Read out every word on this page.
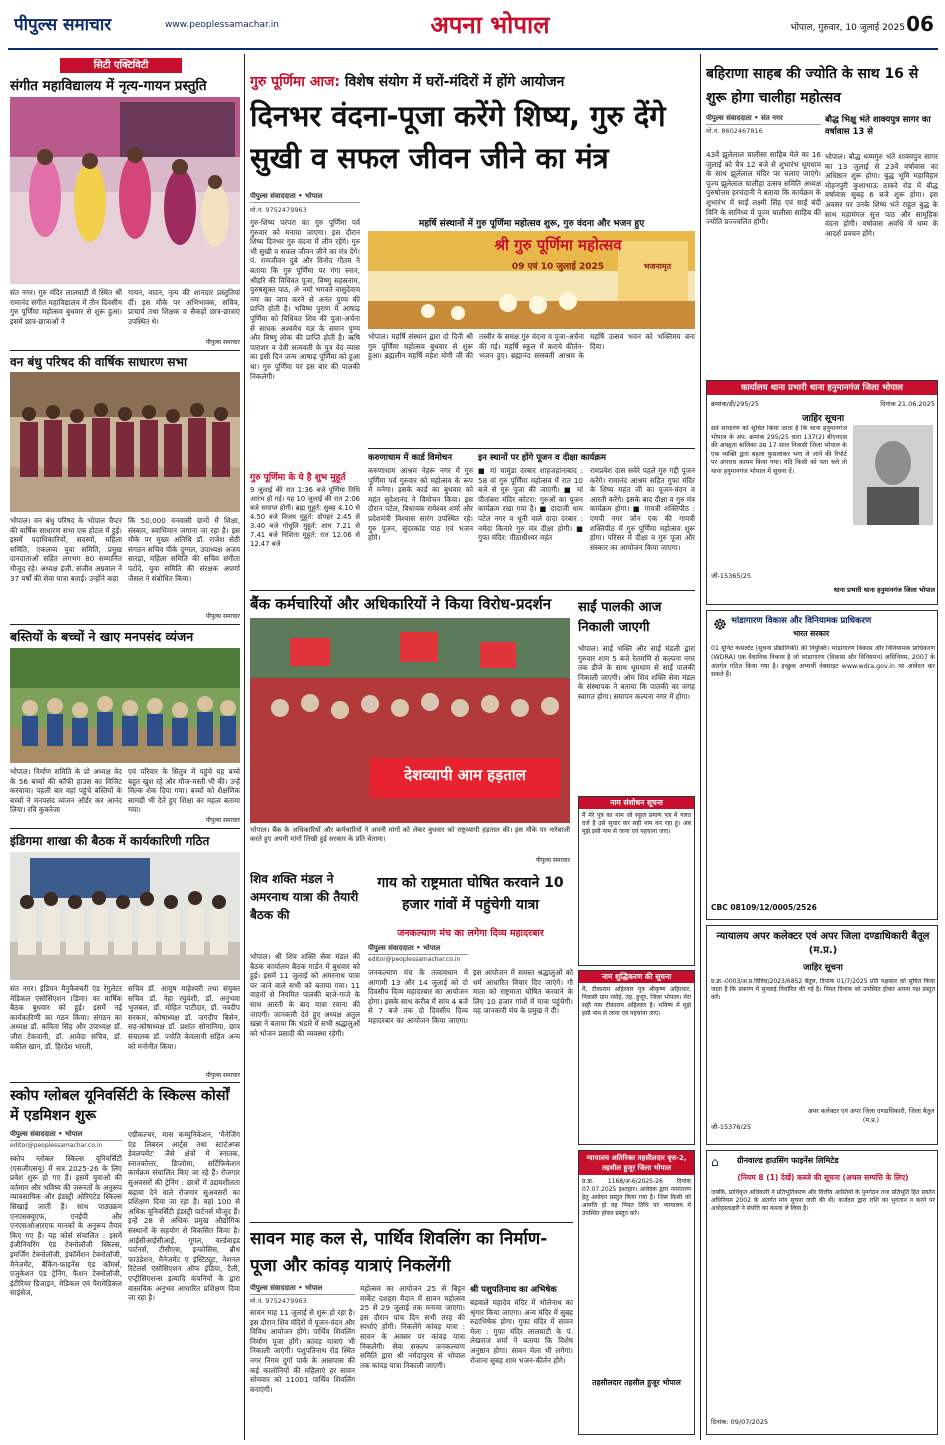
पीपुल्स समाचार	www.peoplessamachar.in	अपना भोपाल	भोपाल, गुरुवार, 10 जुलाई 2025 06
सिटी एक्टिविटी
संगीत महाविद्यालय में नृत्य-गायन प्रस्तुति
संत नगर। गुरु मंदिर लालघाटी में स्थित श्री रामानंद संगीत महाविद्यालय में तीन दिवसीय गुरु पूर्णिमा महोत्सव बुधवार से शुरू हुआ। इसमें छात्र-छात्राओं ने
गायन, वादन, नृत्य की शानदार प्रस्तुतियां दीं। इस मौके पर अभिभावक, सचिव, प्राचार्य तथा शिक्षक व सैकड़ों छात्र-छात्राएं उपस्थित थे।
पीपुल्स समाचार
वन बंधु परिषद की वार्षिक साधारण सभा
भोपाल। वन बंधु परिषद के भोपाल चैप्टर की वार्षिक साधारण सभा एक होटल में हुई। इसमें पदाधिकारियों, सदस्यों, महिला समिति, एकलव्य युवा समिति, प्रमुख दानदाताओं सहित लगभग 80 सम्मानित मौजूद रहे। अध्यक्ष इंजी. संजीव अग्रवाल ने 37 वर्षों की सेवा यात्रा बताई। उन्होंने कहा
कि 50,000 वनवासी ग्रामों में शिक्षा, संस्कार, स्वाभिमान जगाना जा रहा है। इस मौके पर मुख्य अतिथि डॉ. राजेश सेठी संगठन सचिव पीके दुग्गल, उपाध्यक्ष अजय सारड़ा, महिला समिति की सचिव संगीता पटोदे, युवा समिति की संरक्षक अपर्णा जैसल ने संबोधित किया।
पीपुल्स समाचार
बस्तियों के बच्चों ने खाए मनपसंद व्यंजन
भोपाल। निर्माण समिति के प्रो अध्यक्ष वेद के 56 बच्चों की कॉफी हाउस का विजिट करवाया। पहली बार वहां पहुंचे बस्तियों के बच्चों ने मनपसंद व्यंजन ऑर्डर कर आनंद लिया। रवि कुकरेजा
एवं परिवार के सितुत्र में पहुंचे यह बच्चे बहुत खुश रहे और मौज-मस्ती भी की। उन्हें मिल्क शेक दिया गया। बच्चों को शैक्षणिक सामग्री भी देते हुए शिक्षा का महत्व बताया गया।
पीपुल्स समाचार
इंडिगमा शाखा की बैठक में कार्यकारिणी गठित
संत नगर। इंडियन मैनुफैक्चरी एंड रेगुलेटर मेडिकल एसोसिएशन (डिमा) का वार्षिक बैठक बुधवार को हुई। इसमें नई कार्यकारिणी का गठन किया। संगठन का अध्यक्ष डॉ. कविता सिंह और उपाध्यक्ष डॉ. जीरा टेकवानी, डॉ. आवेदा सचिव, डॉ. वकील खान, डॉ. हिरदेश भारती,
सचिव डॉ. आयुष माहेश्वरी तथा संयुक्त सचिव डॉ. नेहा रघुवंशी, डॉ. अनुभवा भुजबल, डॉ. मोहित पाटीदार, डॉ. नवदीप सरकार, कोषाध्यक्ष डॉ. जगदीप बिसेन, सह-कोषाध्यक्ष डॉ. प्रशांत सोनानिया, छात्र संचालक डॉ. ज्योति केवलानी सहित अन्य को मनोनीत किया।
पीपुल्स समाचार
स्कोप ग्लोबल यूनिवर्सिटी के स्किल्स कोर्सों में एडमिशन शुरू
पीपुल्स संवाददाता • भोपाल
editor@peoplessamachar.co.in
स्कोप ग्लोबल स्किल्स यूनिवर्सिटी (एसजीएसयू) में सत्र 2025-26 के लिए प्रवेश शुरू हो गए हैं। इसमें युवाओं की वर्तमान और भविष्य की जरूरतों के अनुरूप व्यावसायिक और इंडस्ट्री ओरिएंटेड स्किल्स सिखाई जाती हैं। साथ पाठ्यक्रम एनएसक्यूएफ, एनईपी और एनएसओआरएफ मानकों के अनुरूप तैयार किए गए हैं। यह कोर्स संचालित : इसमें इंजीनियरिंग एंड टेक्नोलॉजी स्किल्स, इमर्जिंग टेक्नोलॉजी, इंफॉर्मेशन टेक्नोलॉजी, मैनेजमेंट, बैंकिंग-फाइनेंस एंड कॉमर्स, एजुकेशन एंड ट्रेनिंग, फैशन टेक्नोलॉजी, इंटीरियर डिजाइन, मेडिकल एवं पैरामेडिकल साइंसेज,
एग्रीकल्चर, मास कम्युनिकेशन, 'मैनेजिंग एंड लिबरल आर्ट्स तथा स्टार्टअप्स डेवलपमेंट' जैसे क्षेत्रों में स्नातक, स्नातकोत्तर, डिप्लोमा, सर्टिफिकेशन कार्यक्रम संचालित किए जा रहे हैं। रोजगार सुअवसरों की ट्रेनिंग : छात्रों में उद्यमशीलता बढ़ावा देने वाले रोजगार सुअवसरों का प्रशिक्षण दिया जा रहा है। वहां 100 से अधिक यूनिवर्सिटी इंडस्ट्री पार्टनर्स मौजूद हैं। इन्हें 28 से अधिक प्रमुख औद्योगिक संस्थानों के सहयोग से विकसित किया है। आईसीआईसीआई, गूगल, वर्ल्डवाइड पार्टनर्स, टीसीएस, इन्फोसिस, ब्रीथ फाउंडेशन, मैनेजमेंट ए इंस्टिट्यूट, नेशनल रिटेलर्स एसोसिएशन ऑफ इंडिया, टैली, एप्ट्रीसिएशन्स इत्यादि कंपनियों के द्वारा वास्तविक अनुभव आधारित प्रशिक्षण दिया जा रहा है।
गुरु पूर्णिमा आज: विशेष संयोग में घरों-मंदिरों में होंगे आयोजन
दिनभर वंदना-पूजा करेंगे शिष्य, गुरु देंगे सुखी व सफल जीवन जीने का मंत्र
पीपुल्स संवाददाता • भोपाल
मो.नं. 9752479963
गुरु-शिष्य परंपरा का गुरु पूर्णिमा पर्व गुरुवार को मनाया जाएगा। इस दौरान शिष्य दिनभर गुरु वंदना में लीन रहेंगे। गुरु भी सुखी व सफल जीवन जीने का मंत्र देंगे। पं. रामजीवन दुबे और विनोद गौतम ने बताया कि गुरु पूर्णिमा पर गंगा स्नान, श्रीहरि की विधिवत पूजा, विष्णु सहस्रनाम, पुरुषसूक्त पाठ, ॐ नमो भगवते वासुदेवाय नमः का जाप करने से अनंत पुण्य की प्राप्ति होती है। भविष्य पुराण में आषाढ़ पूर्णिमा को विधिवत शिव की पूजा-अर्चना से साधक अश्वमेध यज्ञ के समान पुण्य और विष्णु लोक की प्राप्ति होती है। ऋषि पाराशर व देवी सत्यवती के पुत्र वेद व्यास का इसी दिन जन्म आषाढ़ पूर्णिमा को हुआ था। गुरु पूर्णिमा पर इस बार की पालकी निकलेगी।
गुरु पूर्णिमा के ये है शुभ मुहूर्त
9 जुलाई की रात 1:36 बजे पूर्णिमा तिथि आरंभ हो गई। यह 10 जुलाई की रात 2:06 बजे समाप्त होगी। ब्रह्म मुहूर्त: सुबह 4.10 से 4.50 बजे विजय मुहूर्त: दोपहर 2.45 से 3.40 बजे गोधूलि मुहूर्त: शाम 7.21 से 7.41 बजे निशिता मुहूर्त: रात 12.06 से 12.47 बजे
महर्षि संस्थानों में गुरु पूर्णिमा महोत्सव शुरू, गुरु वंदना और भजन हुए
श्री गुरु पूर्णिमा महोत्सव
09 एवं 10 जुलाई 2025	भजनामृत
भोपाल। महर्षि संस्थान द्वारा दो दिनी श्री गुरु पूर्णिमा महोत्सव बुधवार से शुरू हुआ। ब्रह्मलीन महर्षि महेश योगी जी की तस्वीर के समक्ष गुरु वंदना व पूजा-अर्चना की गई। महर्षि स्कूल में कराये कीर्तन-भजन हुए। ब्रह्मानंद सरस्वती आश्रम के महर्षि उत्सव भवन को भक्तिमय बना दिया।
करुणाधाम में कार्ड विमोचन
करुणाधाम आश्रम नेहरू नगर में गुरु पूर्णिमा पर्व गुरुवार को महोत्सव के रूप में मनेगा। इसके कार्ड का बुधवार को महंत सुदेशानंद ने विमोचन किया। इस दौरान पटेल, विधायक रामेश्वर शर्मा और प्रदेशमंत्री विश्वास सारंग उपस्थित रहे। गुरु पूजन, सुंदरकांड पाठ एवं भजन होंगे।
इन स्थानों पर होंगे पूजन व दीक्षा कार्यक्रम
■ मां चामुंडा दरबार शाहजहांनाबाद : 58 वां गुरु पूर्णिमा महोत्सव में रात 10 बजे से गुरु पूजा की जाएगी। ■ मां पीतांबरा मंदिर कोटरा: गुरुओं का पूजन कार्यक्रम रखा गया है। ■ दादाजी धाम पटेल नगर व धूनी वाले दादा दरबार : नर्मदा किनारे गुरु मंत्र दीक्षा होगी। ■ गुफा मंदिर: पीठाधीश्वर महंत
रामप्रवेश दास सवेरे पहले गुरु गद्दी पूजन करेंगे। रामानंद आश्रम सहित गुफा मंदिर के शिष्य महंत जी का पूजन-वंदन व आरती करेंगे। इसके बाद दीक्षा व गुरु मंत्र कार्यक्रम होगा। ■ गायत्री शक्तिपीठ : एमपी नगर जोन एक की गायत्री शक्तिपीठ में गुरु पूर्णिमा महोत्सव शुरू होगा। परिसर में दीक्षा व गुरु पूजा और संस्कार का आयोजन किया जाएगा।
बैंक कर्मचारियों और अधिकारियों ने किया विरोध-प्रदर्शन
देशव्यापी आम हड़ताल
भोपाल। बैंक के अधिकारियों और कर्मचारियों ने अपनी मांगों को लेकर बुधवार को राष्ट्रव्यापी हड़ताल की। इस मौके पर नारेबाजी करते हुए अपनी मांगों लिखी हुई सरकार के प्रति चेताया।
पीपुल्स समाचार
साईं पालकी आज निकाली जाएगी
भोपाल। साईं भक्ति और साईं मंडली द्वारा गुरुवार शाम 5 बजे रेलमणि से कल्पना नगर तक डीजे के साथ धूमधाम से साईं पालकी निकाली जाएगी। ओम शिव शक्ति सेवा मंडल के संस्थापक ने बताया कि पालकी का जगह स्वागत होगा। समापन कल्पना नगर में होगा।
नाम संशोधन सूचना
मैं मेरे पुत्र का नाम जो स्कूल प्रमाण पत्र में गलत दर्ज है उसे सुधार कर सही नाम कर रहा हूं। अब मुझे इसी नाम से जाना एवं पहचाना जाए।
नाम शुद्धिकरण की सूचना
मैं, टीकाराम अहिरवार पुत्र श्रीकृष्ण अहिरवार, निवासी ग्राम रसोई, तह. हुजूर, जिला भोपाल। मेरा सही नाम टीकाराम अहिरवार है। भविष्य में मुझे इसी नाम से जाना एवं पहचाना जाए।
न्यायालय अतिरिक्त तहसीलदार वृत्त-2, तहसील हुजूर जिला भोपाल
प्र.क्र. 1168/अ-6/2025-26 दिनांक 07.07.2025 इश्तहार। आवेदक द्वारा नामांतरण हेतु आवेदन प्रस्तुत किया गया है। जिस किसी को आपत्ति हो वह नियत तिथि पर न्यायालय में उपस्थित होकर प्रस्तुत करें।
तहसीलदार तहसील हुजूर भोपाल
शिव शक्ति मंडल ने अमरनाथ यात्रा की तैयारी बैठक की
भोपाल। श्री शिव शक्ति सेवा मंडल की बैठक कार्यालय बैठक गार्डन में बुधवार को हुई। इसमें 11 जुलाई को अमरनाथ यात्रा पर जाने वाले सभी को बताया गया। 11 वाहनों से नियमित पालकी बाजे-गाजे के साथ आरती के बाद यात्रा रवाना की जाएगी। जानकारी देते हुए अध्यक्ष अतुल खन्ना ने बताया कि भंडारे में सभी श्रद्धालुओं को भोजन प्रसादी की व्यवस्था रहेगी।
गाय को राष्ट्रमाता घोषित करवाने 10 हजार गांवों में पहुंचेगी यात्रा
जनकल्याण मंच का लगेगा दिव्य महादरबार
पीपुल्स संवाददाता • भोपाल
editor@peoplessamachar.co.in
जनकल्याण मंच के तत्वावधान में आगामी 13 और 14 जुलाई को दो दिवसीय दिव्य महादरबार का आयोजन होगा। इसके साथ करीब में सांय 4 बजे से 7 बजे तक दो दिवसीय दिव्य महादरबार का आयोजन किया जाएगा। इस आयोजन में समस्त श्रद्धालुओं को धर्म आधारित विचार दिए जाएंगे। गौ माता को राष्ट्रमाता घोषित करवाने के लिए 10 हजार गांवों में यात्रा पहुंचेगी। यह जानकारी मंच के प्रमुख ने दी।
सावन माह कल से, पार्थिव शिवलिंग का निर्माण-पूजा और कांवड़ यात्राएं निकलेंगी
पीपुल्स संवाददाता • भोपाल
मो.नं. 9752479963
सावन माह 11 जुलाई से शुरू हो रहा है। इस दौरान शिव मंदिरों में पूजन-वंदन और विविध आयोजन होंगे। पार्थिव शिवलिंग निर्माण पूजा होंगे। कांवड़ यात्राएं भी निकाली जाएंगी। पशुपतिनाथ रोड स्थित नगर निगम दुर्गा पार्क के आसपास की कई कालोनियों की महिलाएं हर सावन सोमवार को 11001 पार्थिव शिवलिंग बनाएंगी।
महोत्सव का आयोजन 25 से बिट्टन मार्केट दशहरा मैदान में सावन महोत्सव 25 से 29 जुलाई तक मनाया जाएगा। इस दौरान पांच दिन सभी तरह की स्पर्धाएं होंगी। निकलेंगे कांवड़ यात्रा : सावन के अवसर पर कांवड़ यात्रा निकलेंगी। सेवा सकल्प जनकल्याण समिति द्वारा श्री नर्मदापुरम से भोपाल तक कांवड़ यात्रा निकाली जाएगी।
श्री पशुपतिनाथ का अभिषेक
बड़वाले महादेव मंदिर में भोलेनाथ का श्रृंगार किया जाएगा। अन्य मंदिर में सुबह रुद्राभिषेक होगा। गुफा मंदिर में सावन मेला : गुफा मंदिर लालघाटी के पं. लेखराज शर्मा ने बताया कि विशेष अनुष्ठान होगा। सावन मेला भी लगेगा। रोजाना सुबह शाम भजन-कीर्तन होंगे।
बहिराणा साहब की ज्योति के साथ 16 से शुरू होगा चालीहा महोत्सव
पीपुल्स संवाददाता • संत नगर
मो.नं. 8602467816
43वें झूलेलाल चालीसा साहिब मेले का 16 जुलाई को चैत्र 12 बजे से शुभारंभ धूमधाम के साथ झूलेलाल मंदिर पर चलाए जाएंगे। पूज्य झूलेलाल चालीहा उत्सव समिति अध्यक्ष पुरुषोत्तम हरचंदानी ने बताया कि कार्यक्रम के शुभारंभ में साईं लक्ष्मी सिंह एवं साईं बंदी विनि के सानिध्य में पूज्य चालीसा साहिब की ज्योति प्रज्ज्वलित होगी।
बौद्ध भिक्षु भंते शाक्यपुत्र सागर का वर्षावास 13 से
भोपाल। बौद्ध धम्मगुरु भंते शाक्यपुत्र सागर का 13 जुलाई से 23वें वर्षावास का अधिष्ठान शुरू होगा। बुद्ध भूमि महाविहार मोहनपुरी कुशाभाऊ ठाकरे रोड में बौद्ध वर्षावास सुबह 6 बजे शुरू होगा। इस अवसर पर उनके शिष्य भंते राहुल बुद्ध के साथ महामंगल सुत्त पाठ और सामूहिक वंदना होगी। वर्षावास अवधि में धम्म के आदर्श प्रवचन होंगे।
कार्यालय थाना प्रभारी थाना हनुमानगंज जिला भोपाल
क्रमांक/डी/295/25	दिनांक 21.06.2025
जाहिर सूचना
सर्व साधारण को सूचित किया जाता है कि थाना हनुमानगंज भोपाल के अप. क्रमांक 295/25 धारा 137(2) बीएनएस की अपहृता बालिका उम्र 17 साल निवासी जिला भोपाल के एक व्यक्ति द्वारा बहला फुसलाकर भगा ले जाने की रिपोर्ट पर अपराध कायम किया गया। यदि किसी को पता चले तो थाना हनुमानगंज भोपाल में सूचना दें।
जी-15365/25
थाना प्रभारी थाना हनुमानगंज जिला भोपाल
☸ भांडागारण विकास और विनियामक प्राधिकरण
भारत सरकार
01 यूनिट कंसल्टेंट (सूचना प्रौद्योगिकी) की नियुक्ति। भांडागारण विकास और विनियामक प्राधिकरण (WDRA) एक वैधानिक निकाय है जो भांडागारण (विकास और विनियमन) अधिनियम, 2007 के अंतर्गत गठित किया गया है। इच्छुक अभ्यर्थी वेबसाइट www.wdra.gov.in पर आवेदन कर सकते हैं।
CBC 08109/12/0005/2526
न्यायालय अपर कलेक्टर एवं अपर जिला दण्डाधिकारी बैतूल (म.प्र.)
जाहिर सूचना
प्र.क्र.-0003/अ.प्र.विविध/2023/6852 बैतूल, दिनांक 01/7/2025 प्रति पक्षकार को सूचित किया जाता है कि प्रकरण में सुनवाई निर्धारित की गई है। नियत दिनांक को उपस्थित होकर अपना पक्ष प्रस्तुत करें।
जी-15376/25
अपर कलेक्टर एवं अपर जिला दण्डाधिकारी, जिला बैतूल (म.प्र.)
⌂	ग्रीनवाल्ड हाउसिंग फाइनेंस लिमिटेड
(नियम 8 (1) देखें) कब्जे की सूचना (अचल सम्पत्ति के लिए)
जबकि, प्राधिकृत अधिकारी ने प्रतिभूतिकरण और वित्तीय आस्तियों के पुनर्गठन तथा प्रतिभूति हित प्रवर्तन अधिनियम 2002 के अंतर्गत मांग सूचना जारी की थी। कर्जदार द्वारा राशि का भुगतान न करने पर अधोहस्ताक्षरी ने संपत्ति का कब्जा ले लिया है।
दिनांक: 09/07/2025
